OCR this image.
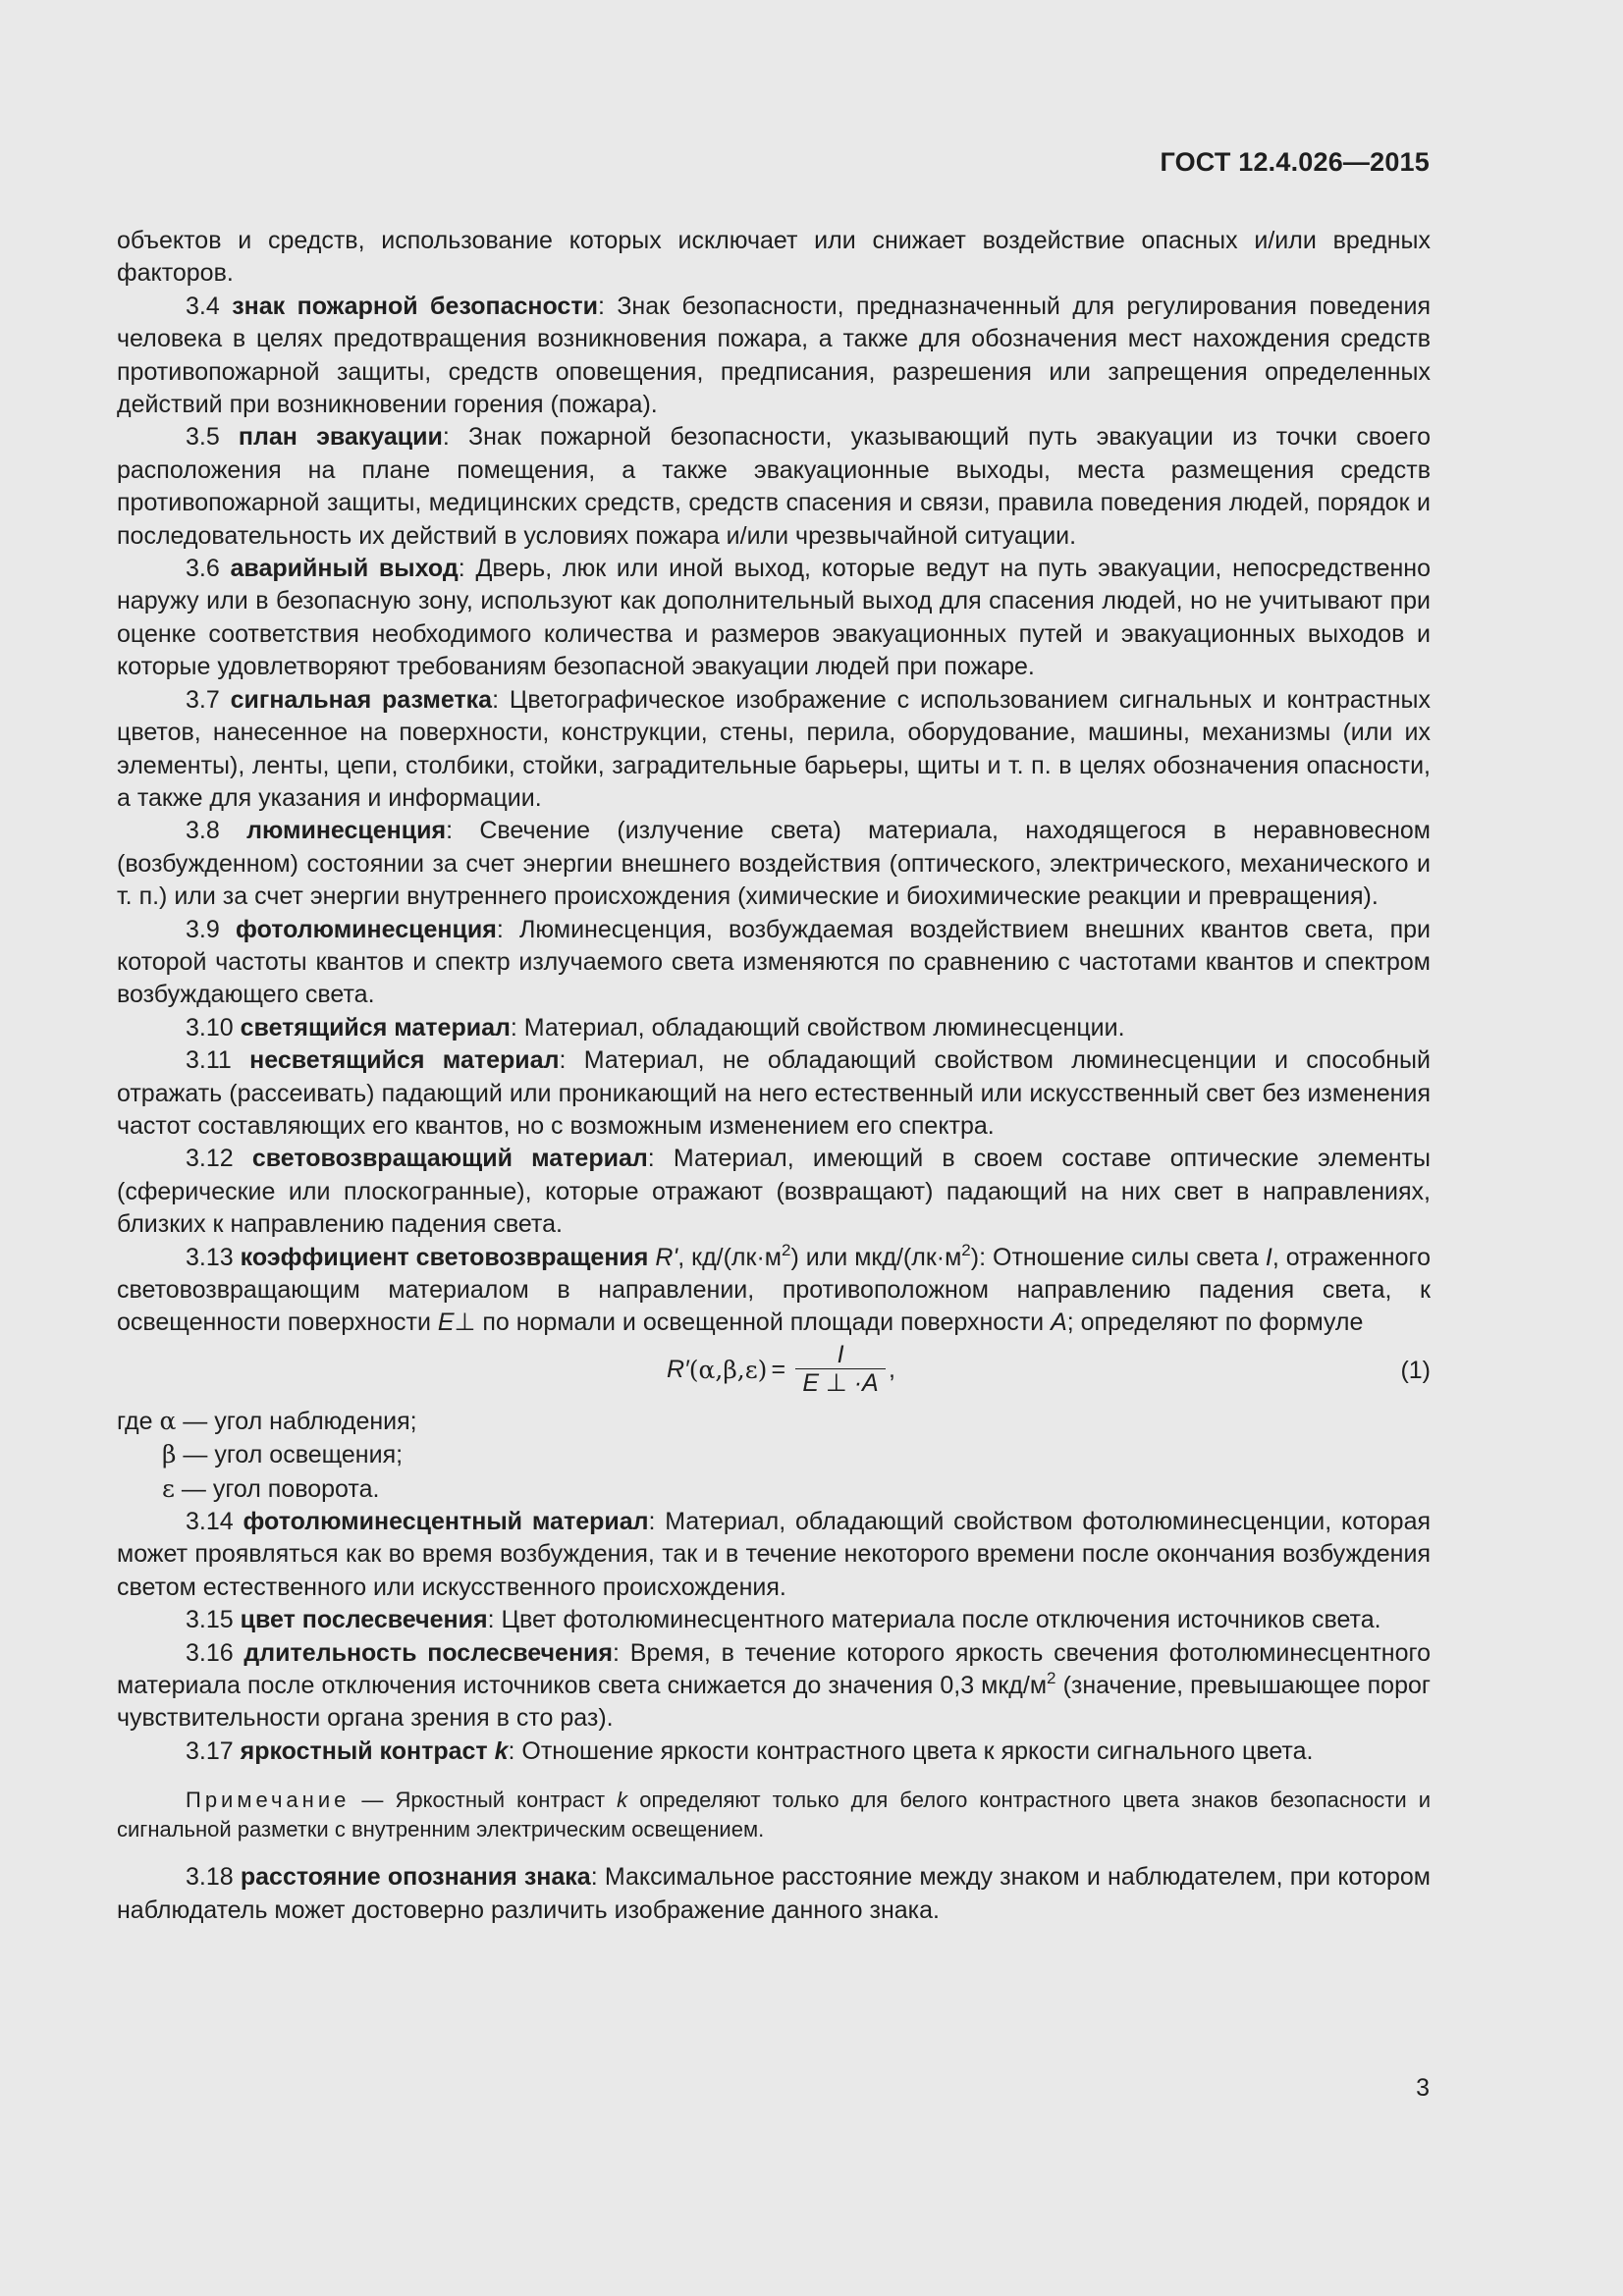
ГОСТ 12.4.026—2015

объектов и средств, использование которых исключает или снижает воздействие опасных и/или вредных факторов.

3.4 знак пожарной безопасности: Знак безопасности, предназначенный для регулирования поведения человека в целях предотвращения возникновения пожара, а также для обозначения мест нахождения средств противопожарной защиты, средств оповещения, предписания, разрешения или запрещения определенных действий при возникновении горения (пожара).

3.5 план эвакуации: Знак пожарной безопасности, указывающий путь эвакуации из точки своего расположения на плане помещения, а также эвакуационные выходы, места размещения средств противопожарной защиты, медицинских средств, средств спасения и связи, правила поведения людей, порядок и последовательность их действий в условиях пожара и/или чрезвычайной ситуации.

3.6 аварийный выход: Дверь, люк или иной выход, которые ведут на путь эвакуации, непосредственно наружу или в безопасную зону, используют как дополнительный выход для спасения людей, но не учитывают при оценке соответствия необходимого количества и размеров эвакуационных путей и эвакуационных выходов и которые удовлетворяют требованиям безопасной эвакуации людей при пожаре.

3.7 сигнальная разметка: Цветографическое изображение с использованием сигнальных и контрастных цветов, нанесенное на поверхности, конструкции, стены, перила, оборудование, машины, механизмы (или их элементы), ленты, цепи, столбики, стойки, заградительные барьеры, щиты и т. п. в целях обозначения опасности, а также для указания и информации.

3.8 люминесценция: Свечение (излучение света) материала, находящегося в неравновесном (возбужденном) состоянии за счет энергии внешнего воздействия (оптического, электрического, механического и т. п.) или за счет энергии внутреннего происхождения (химические и биохимические реакции и превращения).

3.9 фотолюминесценция: Люминесценция, возбуждаемая воздействием внешних квантов света, при которой частоты квантов и спектр излучаемого света изменяются по сравнению с частотами квантов и спектром возбуждающего света.

3.10 светящийся материал: Материал, обладающий свойством люминесценции.

3.11 несветящийся материал: Материал, не обладающий свойством люминесценции и способный отражать (рассеивать) падающий или проникающий на него естественный или искусственный свет без изменения частот составляющих его квантов, но с возможным изменением его спектра.

3.12 световозвращающий материал: Материал, имеющий в своем составе оптические элементы (сферические или плоскогранные), которые отражают (возвращают) падающий на них свет в направлениях, близких к направлению падения света.

3.13 коэффициент световозвращения R', $кд/(лк\cdot м^2)$ или мкд/$(лк\cdot м^2)$: Отношение силы света I, отраженного световозвращающим материалом в направлении, противоположном направлению падения света, к освещенности поверхности E⊥ по нормали и освещенной площади поверхности A; определяют по формуле

R′ $(\alpha,\beta,\varepsilon) = \frac{I}{E \perp \cdot A}$ ,	(1)
где α — угол наблюдения;
β — угол освещения;
ε — угол поворота.

3.14 фотолюминесцентный материал: Материал, обладающий свойством фотолюминесценции, которая может проявляться как во время возбуждения, так и в течение некоторого времени после окончания возбуждения светом естественного или искусственного происхождения.

3.15 цвет послесвечения: Цвет фотолюминесцентного материала после отключения источников света.

3.16 длительность послесвечения: Время, в течение которого яркость свечения фотолюминесцентного материала после отключения источников света снижается до значения 0,3 мкд/$м^2$ (значение, превышающее порог чувствительности органа зрения в сто раз).

3.17 яркостный контраст k: Отношение яркости контрастного цвета к яркости сигнального цвета.

Примечание — Яркостный контраст k определяют только для белого контрастного цвета знаков безопасности и сигнальной разметки с внутренним электрическим освещением.

3.18 расстояние опознания знака: Максимальное расстояние между знаком и наблюдателем, при котором наблюдатель может достоверно различить изображение данного знака.

3
